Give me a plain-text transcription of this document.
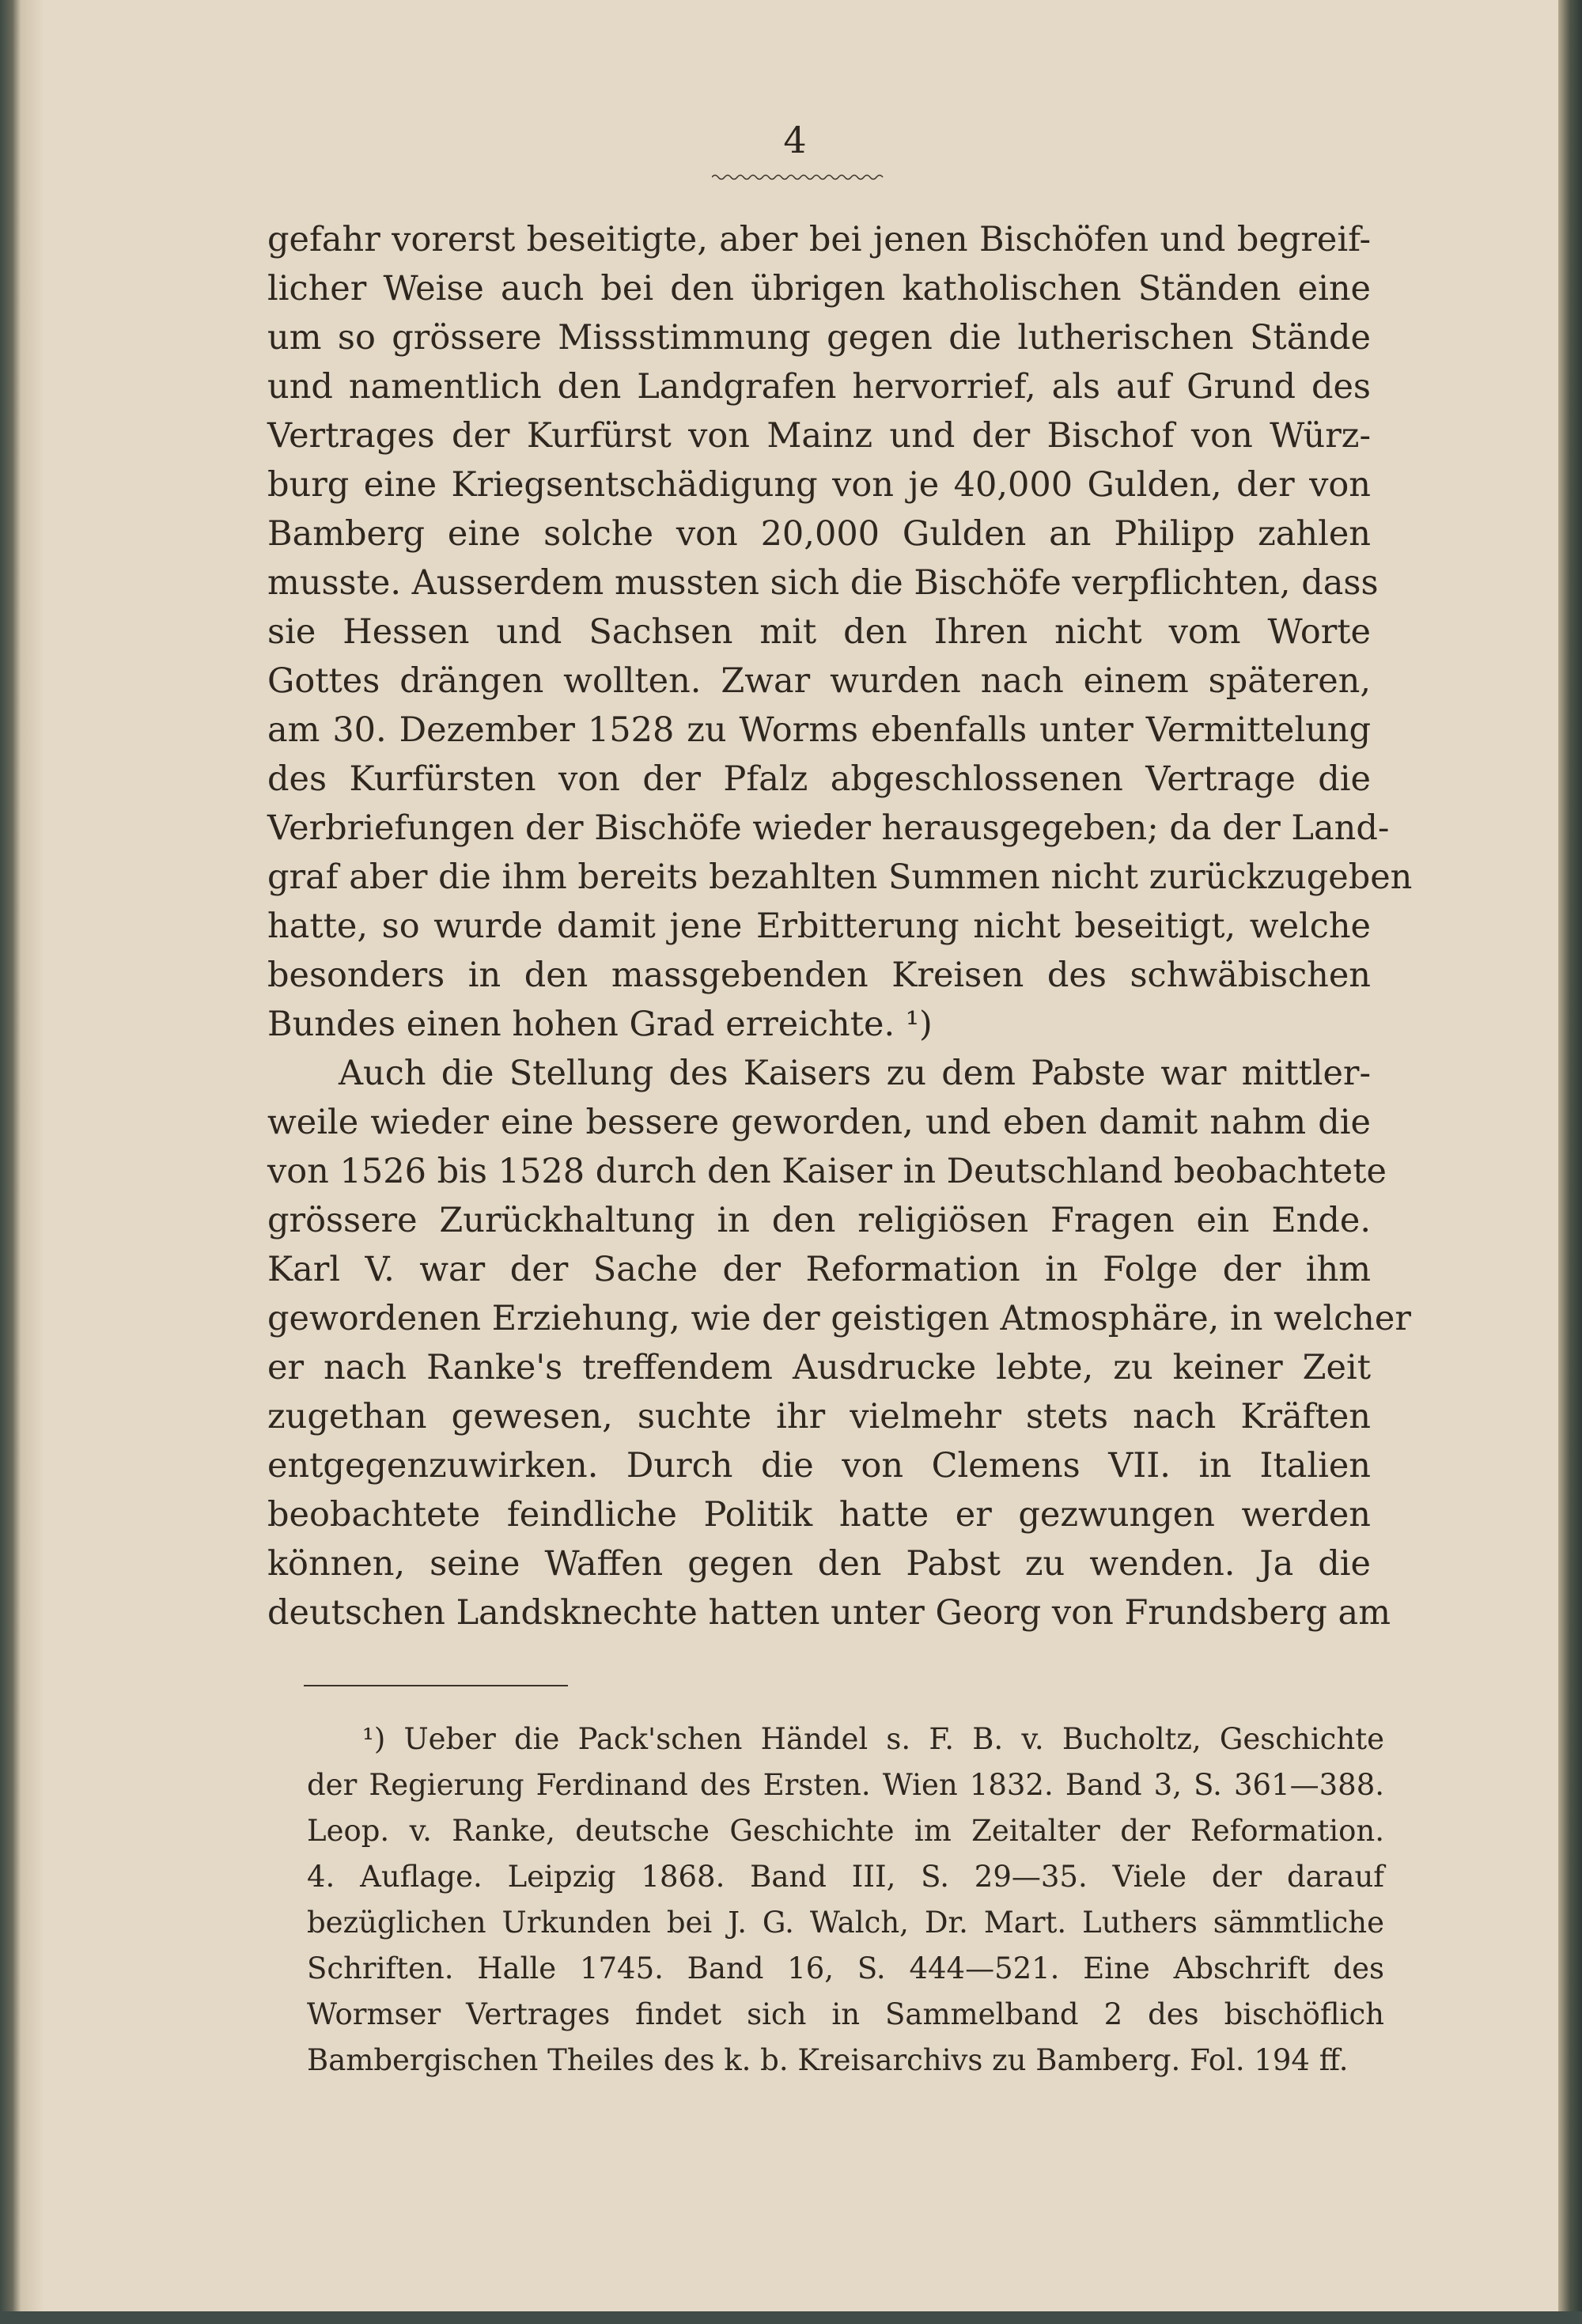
4
gefahr vorerst beseitigte, aber bei jenen Bischöfen und begreif-
licher Weise auch bei den übrigen katholischen Ständen eine
um so grössere Missstimmung gegen die lutherischen Stände
und namentlich den Landgrafen hervorrief, als auf Grund des
Vertrages der Kurfürst von Mainz und der Bischof von Würz-
burg eine Kriegsentschädigung von je 40,000 Gulden, der von
Bamberg eine solche von 20,000 Gulden an Philipp zahlen
musste. Ausserdem mussten sich die Bischöfe verpflichten, dass
sie Hessen und Sachsen mit den Ihren nicht vom Worte
Gottes drängen wollten. Zwar wurden nach einem späteren,
am 30. Dezember 1528 zu Worms ebenfalls unter Vermittelung
des Kurfürsten von der Pfalz abgeschlossenen Vertrage die
Verbriefungen der Bischöfe wieder herausgegeben; da der Land-
graf aber die ihm bereits bezahlten Summen nicht zurückzugeben
hatte, so wurde damit jene Erbitterung nicht beseitigt, welche
besonders in den massgebenden Kreisen des schwäbischen
Bundes einen hohen Grad erreichte. ¹)
Auch die Stellung des Kaisers zu dem Pabste war mittler-
weile wieder eine bessere geworden, und eben damit nahm die
von 1526 bis 1528 durch den Kaiser in Deutschland beobachtete
grössere Zurückhaltung in den religiösen Fragen ein Ende.
Karl V. war der Sache der Reformation in Folge der ihm
gewordenen Erziehung, wie der geistigen Atmosphäre, in welcher
er nach Ranke's treffendem Ausdrucke lebte, zu keiner Zeit
zugethan gewesen, suchte ihr vielmehr stets nach Kräften
entgegenzuwirken. Durch die von Clemens VII. in Italien
beobachtete feindliche Politik hatte er gezwungen werden
können, seine Waffen gegen den Pabst zu wenden. Ja die
deutschen Landsknechte hatten unter Georg von Frundsberg am
¹) Ueber die Pack'schen Händel s. F. B. v. Bucholtz, Geschichte
der Regierung Ferdinand des Ersten. Wien 1832. Band 3, S. 361—388.
Leop. v. Ranke, deutsche Geschichte im Zeitalter der Reformation.
4. Auflage. Leipzig 1868. Band III, S. 29—35. Viele der darauf
bezüglichen Urkunden bei J. G. Walch, Dr. Mart. Luthers sämmtliche
Schriften. Halle 1745. Band 16, S. 444—521. Eine Abschrift des
Wormser Vertrages findet sich in Sammelband 2 des bischöflich
Bambergischen Theiles des k. b. Kreisarchivs zu Bamberg. Fol. 194 ff.
